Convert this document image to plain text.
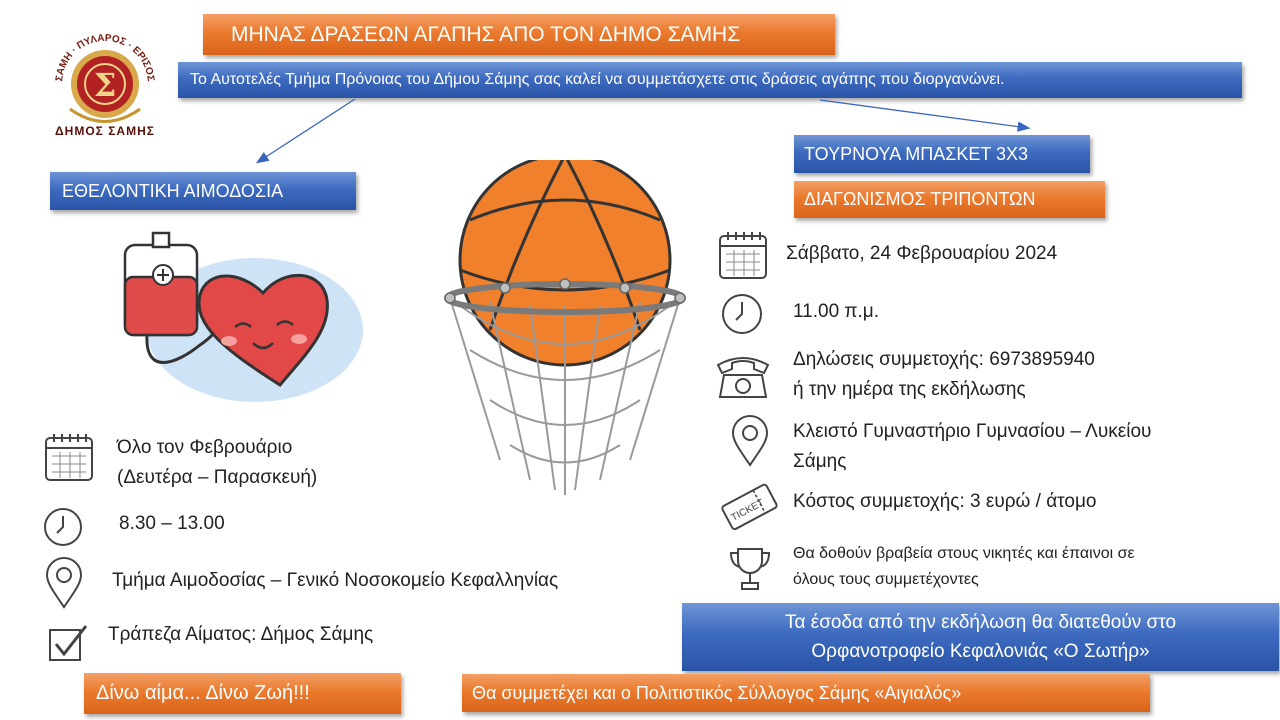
ΣΑΜΗ · ΠΥΛΑΡΟΣ · ΕΡΙΣΟΣ
Σ
ΔΗΜΟΣ ΣΑΜΗΣ
ΜΗΝΑΣ ΔΡΑΣΕΩΝ ΑΓΑΠΗΣ ΑΠΟ ΤΟΝ ΔΗΜΟ ΣΑΜΗΣ
Το Αυτοτελές Τμήμα Πρόνοιας του Δήμου Σάμης σας καλεί να συμμετάσχετε στις δράσεις αγάπης που διοργανώνει.
ΕΘΕΛΟΝΤΙΚΗ ΑΙΜΟΔΟΣΙΑ
Όλο τον Φεβρουάριο
(Δευτέρα – Παρασκευή)
8.30 – 13.00
Τμήμα Αιμοδοσίας – Γενικό Νοσοκομείο Κεφαλληνίας
Τράπεζα Αίματος: Δήμος Σάμης
Δίνω αίμα... Δίνω Ζωή!!!
ΤΟΥΡΝΟΥΑ ΜΠΑΣΚΕΤ 3Χ3
ΔΙΑΓΩΝΙΣΜΟΣ ΤΡΙΠΟΝΤΩΝ
Σάββατο, 24 Φεβρουαρίου 2024
11.00 π.μ.
Δηλώσεις συμμετοχής: 6973895940
ή την ημέρα της εκδήλωσης
Κλειστό Γυμναστήριο Γυμνασίου – Λυκείου
Σάμης
TICKET Κόστος συμμετοχής: 3 ευρώ / άτομο
Θα δοθούν βραβεία στους νικητές και έπαινοι σε
όλους τους συμμετέχοντες
Τα έσοδα από την εκδήλωση θα διατεθούν στο
Ορφανοτροφείο Κεφαλονιάς «Ο Σωτήρ»
Θα συμμετέχει και ο Πολιτιστικός Σύλλογος Σάμης «Αιγιαλός»
